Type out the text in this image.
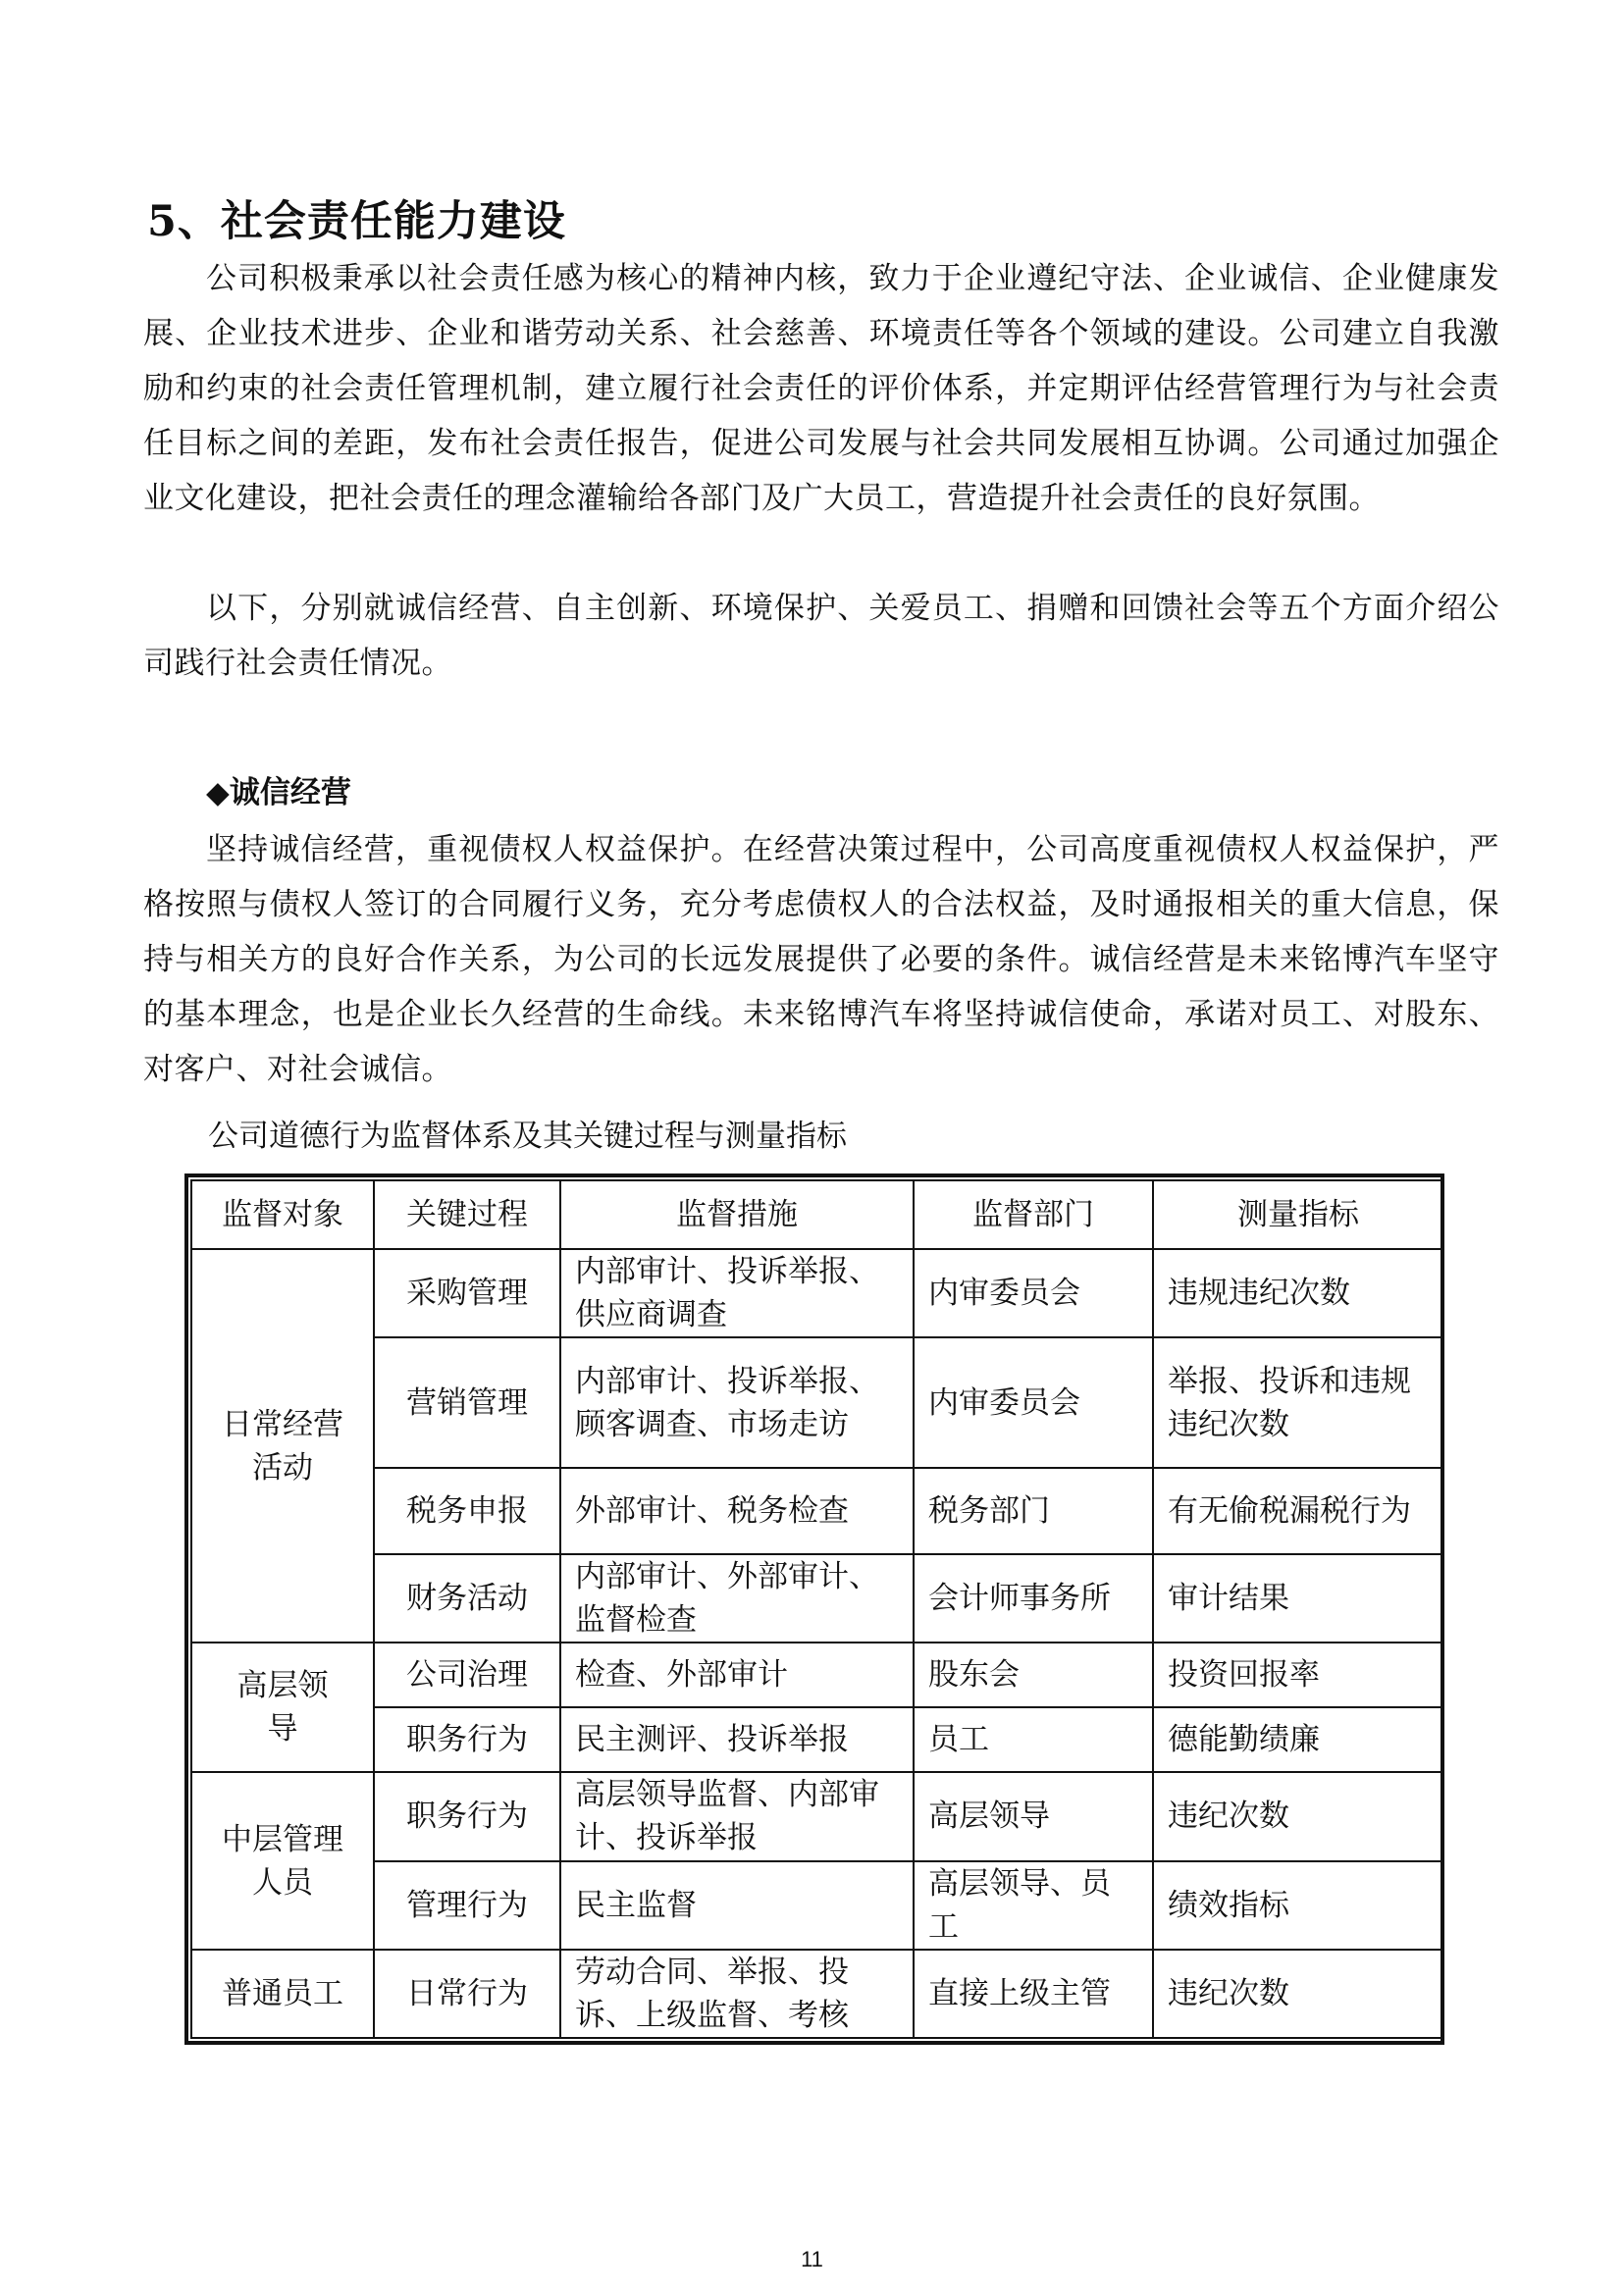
5、社会责任能力建设

公司积极秉承以社会责任感为核心的精神内核，致力于企业遵纪守法、企业诚信、企业健康发展、企业技术进步、企业和谐劳动关系、社会慈善、环境责任等各个领域的建设。公司建立自我激励和约束的社会责任管理机制，建立履行社会责任的评价体系，并定期评估经营管理行为与社会责任目标之间的差距，发布社会责任报告，促进公司发展与社会共同发展相互协调。公司通过加强企业文化建设，把社会责任的理念灌输给各部门及广大员工，营造提升社会责任的良好氛围。

以下，分别就诚信经营、自主创新、环境保护、关爱员工、捐赠和回馈社会等五个方面介绍公司践行社会责任情况。

◆诚信经营

坚持诚信经营，重视债权人权益保护。在经营决策过程中，公司高度重视债权人权益保护，严格按照与债权人签订的合同履行义务，充分考虑债权人的合法权益，及时通报相关的重大信息，保持与相关方的良好合作关系，为公司的长远发展提供了必要的条件。诚信经营是未来铭博汽车坚守的基本理念，也是企业长久经营的生命线。未来铭博汽车将坚持诚信使命，承诺对员工、对股东、对客户、对社会诚信。

公司道德行为监督体系及其关键过程与测量指标

监督对象	关键过程	监督措施	监督部门	测量指标
日常经营活动	采购管理	内部审计、投诉举报、供应商调查	内审委员会	违规违纪次数
	营销管理	内部审计、投诉举报、顾客调查、市场走访	内审委员会	举报、投诉和违规违纪次数
	税务申报	外部审计、税务检查	税务部门	有无偷税漏税行为
	财务活动	内部审计、外部审计、监督检查	会计师事务所	审计结果
高层领导	公司治理	检查、外部审计	股东会	投资回报率
	职务行为	民主测评、投诉举报	员工	德能勤绩廉
中层管理人员	职务行为	高层领导监督、内部审计、投诉举报	高层领导	违纪次数
	管理行为	民主监督	高层领导、员工	绩效指标
普通员工	日常行为	劳动合同、举报、投诉、上级监督、考核	直接上级主管	违纪次数
11
